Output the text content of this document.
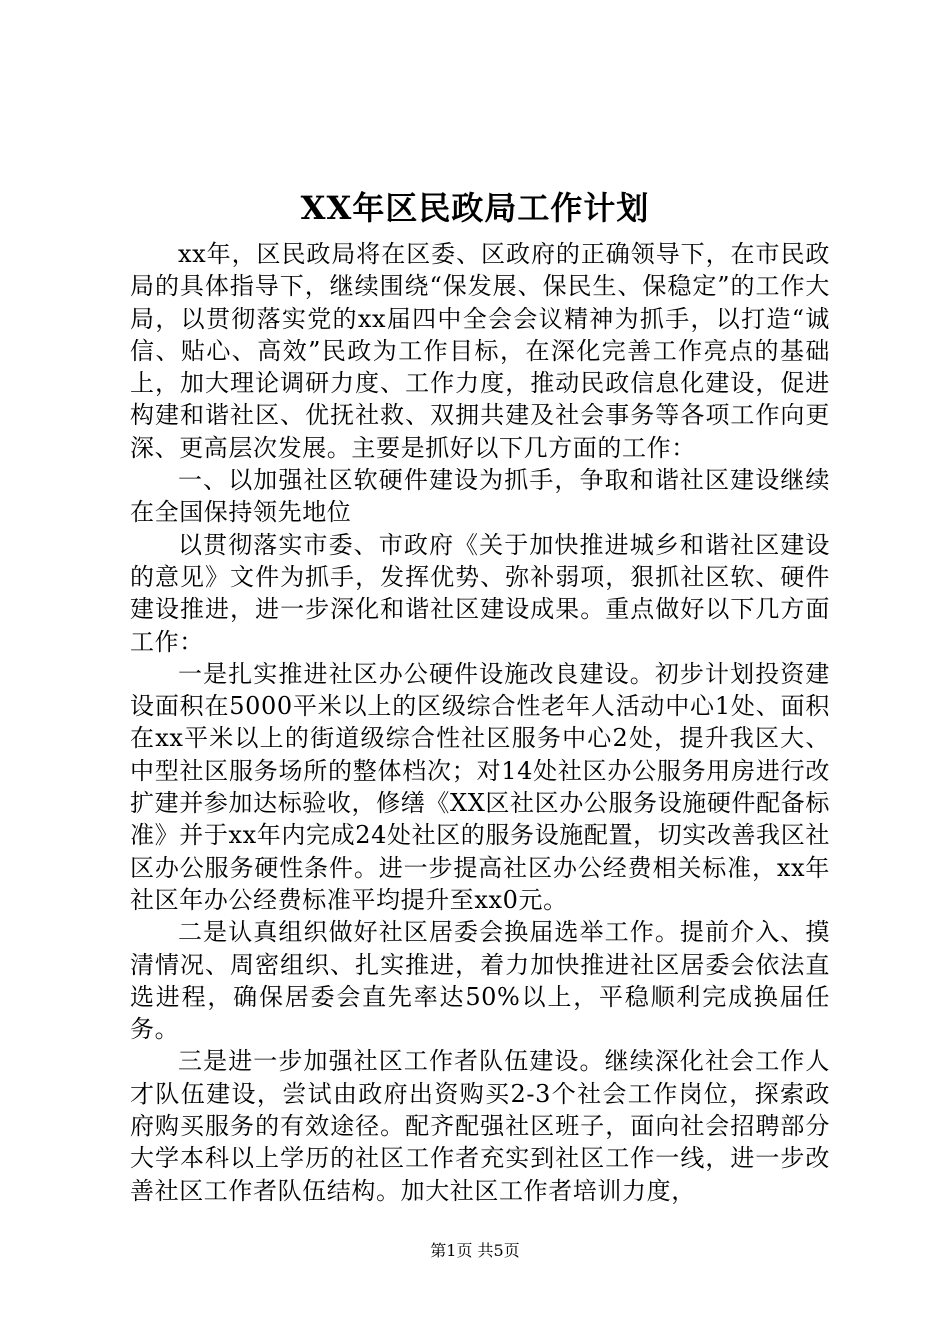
XX年区民政局工作计划

xx年，区民政局将在区委、区政府的正确领导下，在市民政局的具体指导下，继续围绕“保发展、保民生、保稳定”的工作大局，以贯彻落实党的xx届四中全会会议精神为抓手，以打造“诚信、贴心、高效”民政为工作目标，在深化完善工作亮点的基础上，加大理论调研力度、工作力度，推动民政信息化建设，促进构建和谐社区、优抚社救、双拥共建及社会事务等各项工作向更深、更高层次发展。主要是抓好以下几方面的工作：

一、以加强社区软硬件建设为抓手，争取和谐社区建设继续在全国保持领先地位

以贯彻落实市委、市政府《关于加快推进城乡和谐社区建设的意见》文件为抓手，发挥优势、弥补弱项，狠抓社区软、硬件建设推进，进一步深化和谐社区建设成果。重点做好以下几方面工作：

一是扎实推进社区办公硬件设施改良建设。初步计划投资建设面积在5000平米以上的区级综合性老年人活动中心1处、面积在xx平米以上的街道级综合性社区服务中心2处，提升我区大、中型社区服务场所的整体档次；对14处社区办公服务用房进行改扩建并参加达标验收，修缮《XX区社区办公服务设施硬件配备标准》并于xx年内完成24处社区的服务设施配置，切实改善我区社区办公服务硬性条件。进一步提高社区办公经费相关标准，xx年社区年办公经费标准平均提升至xx0元。

二是认真组织做好社区居委会换届选举工作。提前介入、摸清情况、周密组织、扎实推进，着力加快推进社区居委会依法直选进程，确保居委会直先率达50%以上，平稳顺利完成换届任务。

三是进一步加强社区工作者队伍建设。继续深化社会工作人才队伍建设，尝试由政府出资购买2-3个社会工作岗位，探索政府购买服务的有效途径。配齐配强社区班子，面向社会招聘部分大学本科以上学历的社区工作者充实到社区工作一线，进一步改善社区工作者队伍结构。加大社区工作者培训力度，

第1页 共5页
